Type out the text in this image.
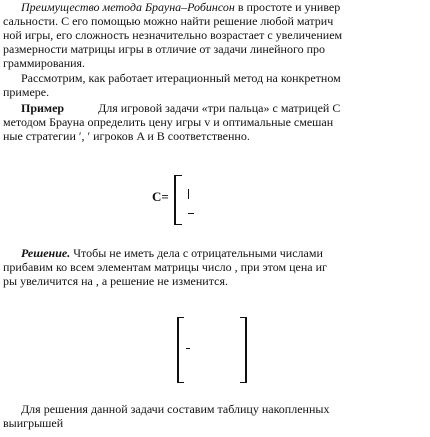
Преимущество метода Брауна–Робинсон в простоте и универ
сальности. С его помощью можно найти решение любой матрич
ной игры, его сложность незначительно возрастает с увеличением
размерности матрицы игры в отличие от задачи линейного про
граммирования.
Рассмотрим, как работает итерационный метод на конкретном
примере.
Пример	Для игровой задачи «три пальца» с матрицей C
методом Брауна определить цену игры v и оптимальные смешан
ные стратегии ′, ′ игроков A и B соответственно.
C=
Решение. Чтобы не иметь дела с отрицательными числами
прибавим ко всем элементам матрицы число , при этом цена иг
ры увеличится на , а решение не изменится.
Для решения данной задачи составим таблицу накопленных
выигрышей
